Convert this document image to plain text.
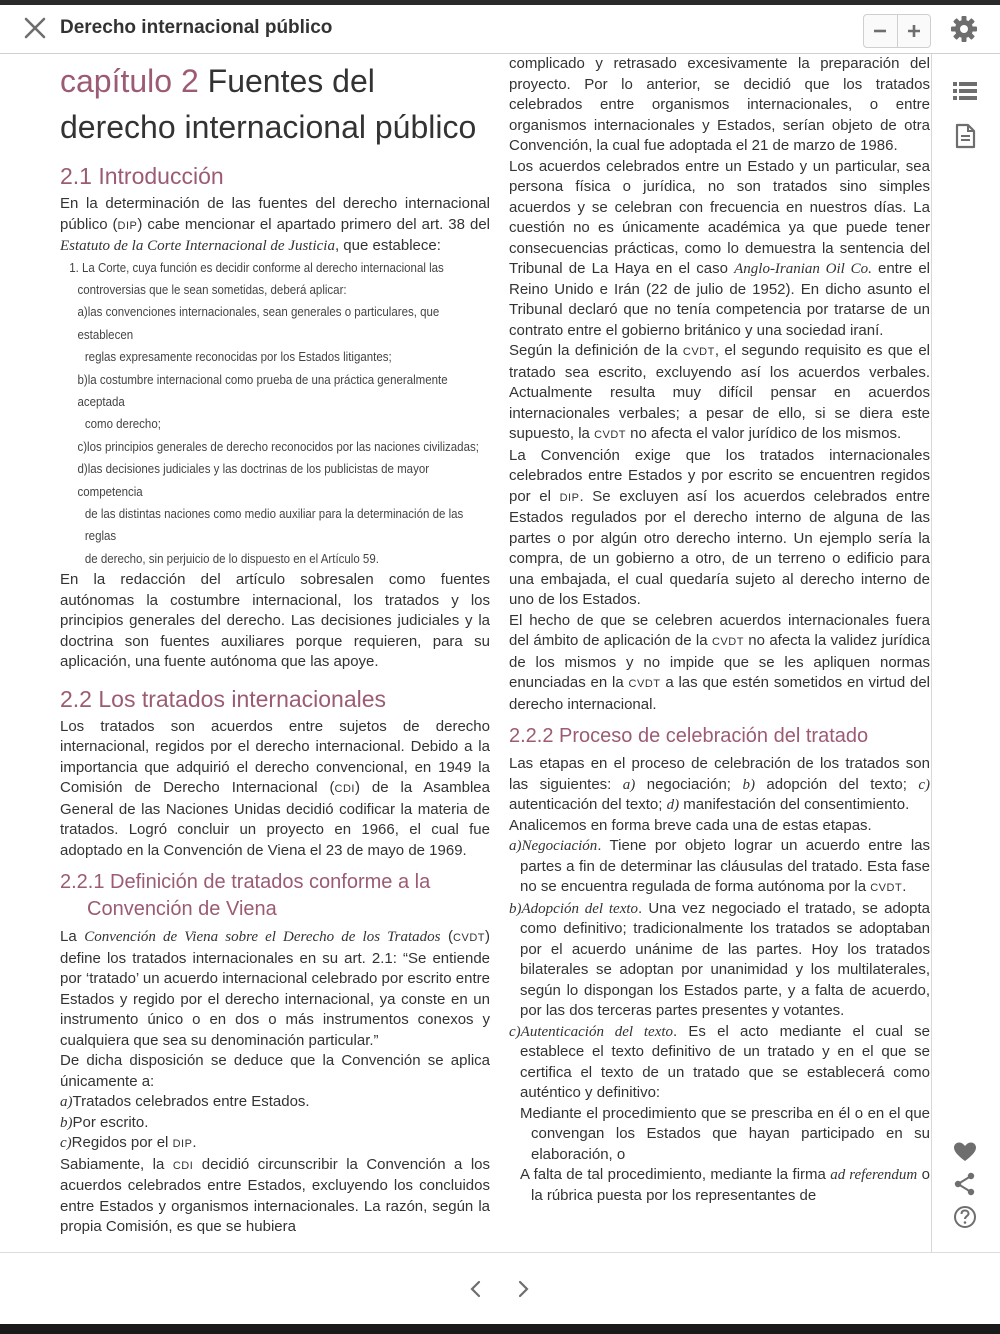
Derecho internacional público
capítulo 2 Fuentes del derecho internacional público
2.1 Introducción

En la determinación de las fuentes del derecho internacional público (DIP) cabe mencionar el apartado primero del art. 38 del Estatuto de la Corte Internacional de Justicia, que establece:

1. La Corte, cuya función es decidir conforme al derecho internacional las
controversias que le sean sometidas, deberá aplicar:
a)las convenciones internacionales, sean generales o particulares, que establecen
reglas expresamente reconocidas por los Estados litigantes;
b)la costumbre internacional como prueba de una práctica generalmente aceptada
como derecho;
c)los principios generales de derecho reconocidos por las naciones civilizadas;
d)las decisiones judiciales y las doctrinas de los publicistas de mayor competencia
de las distintas naciones como medio auxiliar para la determinación de las reglas
de derecho, sin perjuicio de lo dispuesto en el Artículo 59.

En la redacción del artículo sobresalen como fuentes autónomas la costumbre internacional, los tratados y los principios generales del derecho. Las decisiones judiciales y la doctrina son fuentes auxiliares porque requieren, para su aplicación, una fuente autónoma que las apoye.

2.2 Los tratados internacionales

Los tratados son acuerdos entre sujetos de derecho internacional, regidos por el derecho internacional. Debido a la importancia que adquirió el derecho convencional, en 1949 la Comisión de Derecho Internacional (CDI) de la Asamblea General de las Naciones Unidas decidió codificar la materia de tratados. Logró concluir un proyecto en 1966, el cual fue adoptado en la Convención de Viena el 23 de mayo de 1969.

2.2.1 Definición de tratados conforme a la
Convención de Viena

La Convención de Viena sobre el Derecho de los Tratados (CVDT) define los tratados internacionales en su art. 2.1: “Se entiende por ‘tratado’ un acuerdo internacional celebrado por escrito entre Estados y regido por el derecho internacional, ya conste en un instrumento único o en dos o más instrumentos conexos y cualquiera que sea su denominación particular.”

De dicha disposición se deduce que la Convención se aplica únicamente a:

a)Tratados celebrados entre Estados.

b)Por escrito.

c)Regidos por el DIP.

Sabiamente, la CDI decidió circunscribir la Convención a los acuerdos celebrados entre Estados, excluyendo los concluidos entre Estados y organismos internacionales. La razón, según la propia Comisión, es que se hubiera

complicado y retrasado excesivamente la preparación del proyecto. Por lo anterior, se decidió que los tratados celebrados entre organismos internacionales, o entre organismos internacionales y Estados, serían objeto de otra Convención, la cual fue adoptada el 21 de marzo de 1986.

Los acuerdos celebrados entre un Estado y un particular, sea persona física o jurídica, no son tratados sino simples acuerdos y se celebran con frecuencia en nuestros días. La cuestión no es únicamente académica ya que puede tener consecuencias prácticas, como lo demuestra la sentencia del Tribunal de La Haya en el caso Anglo-Iranian Oil Co. entre el Reino Unido e Irán (22 de julio de 1952). En dicho asunto el Tribunal declaró que no tenía competencia por tratarse de un contrato entre el gobierno británico y una sociedad iraní.

Según la definición de la CVDT, el segundo requisito es que el tratado sea escrito, excluyendo así los acuerdos verbales. Actualmente resulta muy difícil pensar en acuerdos internacionales verbales; a pesar de ello, si se diera este supuesto, la CVDT no afecta el valor jurídico de los mismos.

La Convención exige que los tratados internacionales celebrados entre Estados y por escrito se encuentren regidos por el DIP. Se excluyen así los acuerdos celebrados entre Estados regulados por el derecho interno de alguna de las partes o por algún otro derecho interno. Un ejemplo sería la compra, de un gobierno a otro, de un terreno o edificio para una embajada, el cual quedaría sujeto al derecho interno de uno de los Estados.

El hecho de que se celebren acuerdos internacionales fuera del ámbito de aplicación de la CVDT no afecta la validez jurídica de los mismos y no impide que se les apliquen normas enunciadas en la CVDT a las que estén sometidos en virtud del derecho internacional.

2.2.2 Proceso de celebración del tratado

Las etapas en el proceso de celebración de los tratados son las siguientes: a) negociación; b) adopción del texto; c) autenticación del texto; d) manifestación del consentimiento.

Analicemos en forma breve cada una de estas etapas.

a)Negociación. Tiene por objeto lograr un acuerdo entre las partes a fin de determinar las cláusulas del tratado. Esta fase no se encuentra regulada de forma autónoma por la CVDT.

b)Adopción del texto. Una vez negociado el tratado, se adopta como definitivo; tradicionalmente los tratados se adoptaban por el acuerdo unánime de las partes. Hoy los tratados bilaterales se adoptan por unanimidad y los multilaterales, según lo dispongan los Estados parte, y a falta de acuerdo, por las dos terceras partes presentes y votantes.

c)Autenticación del texto. Es el acto mediante el cual se establece el texto definitivo de un tratado y en el que se certifica el texto de un tratado que se establecerá como auténtico y definitivo:

Mediante el procedimiento que se prescriba en él o en el que convengan los Estados que hayan participado en su elaboración, o

A falta de tal procedimiento, mediante la firma ad referendum o la rúbrica puesta por los representantes de
